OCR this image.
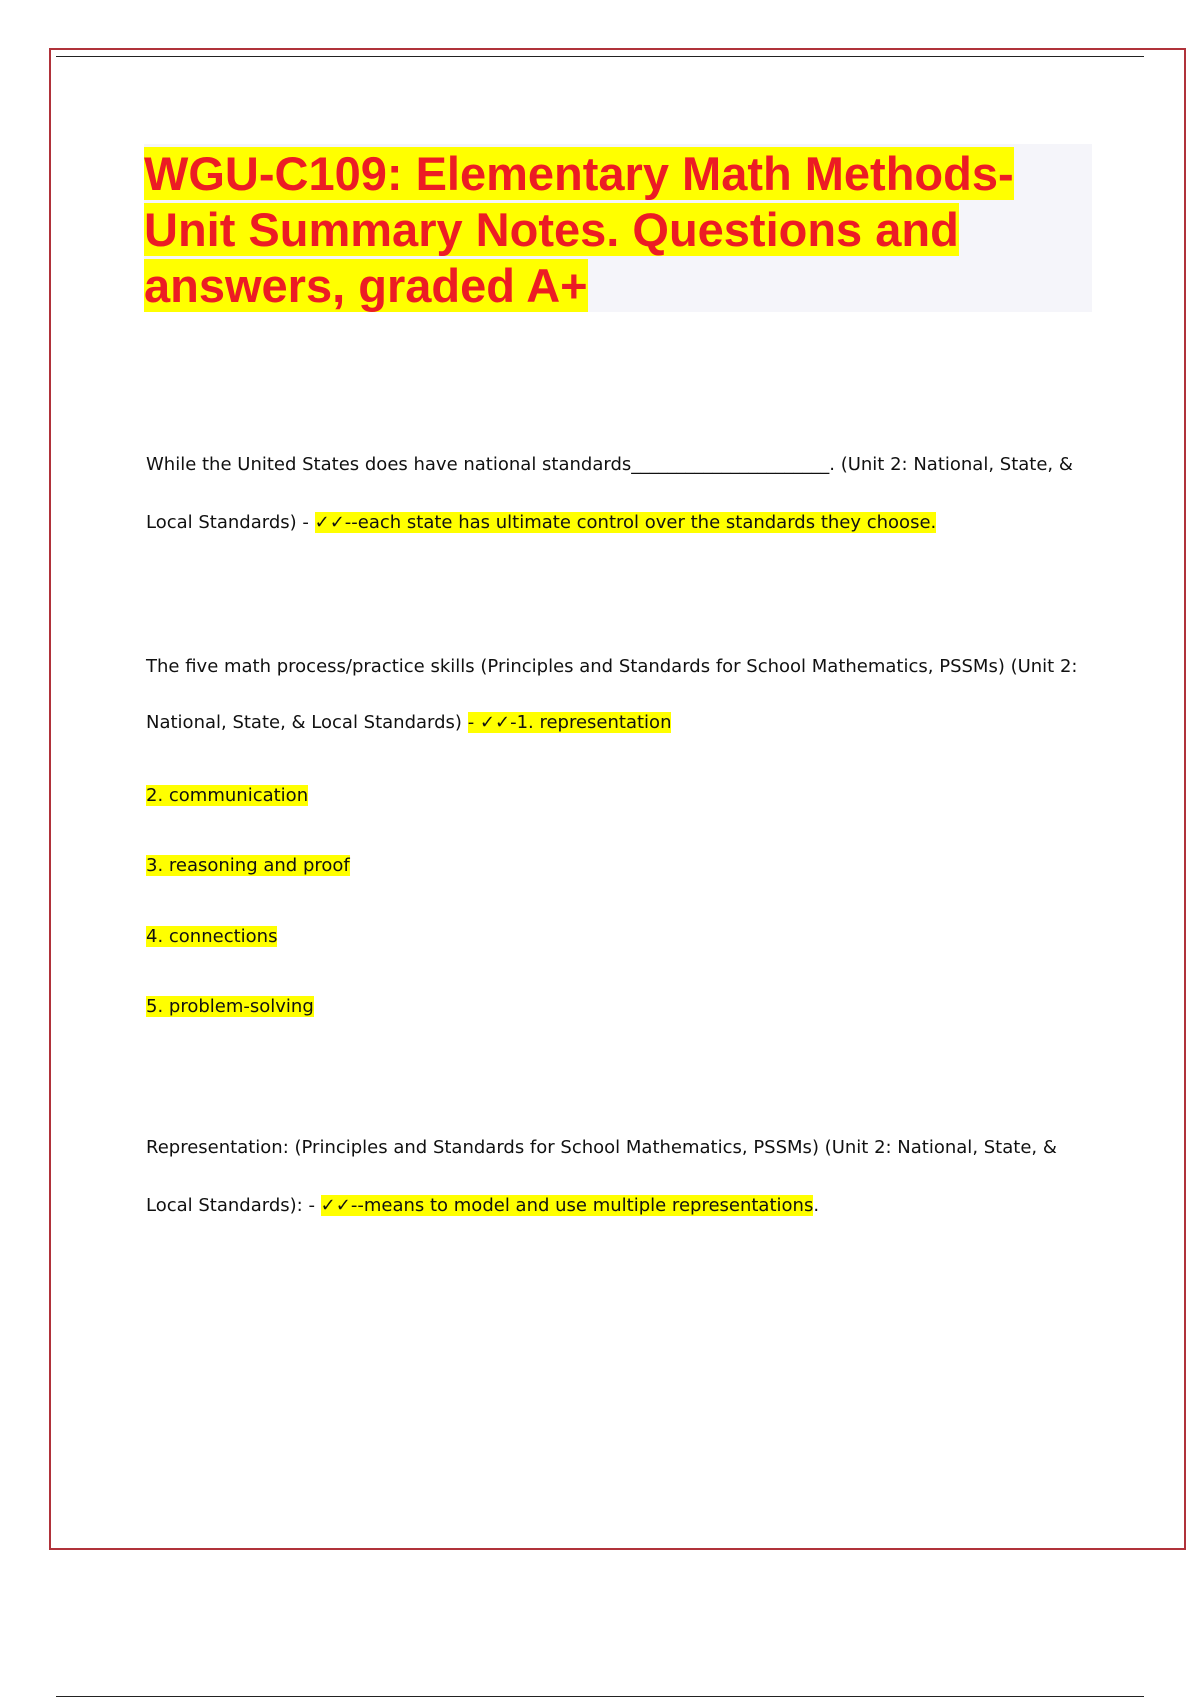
WGU-C109: Elementary Math Methods-
Unit Summary Notes. Questions and
answers, graded A+

While the United States does have national standards______________________. (Unit 2: National, State, &

Local Standards) - ✓✓--each state has ultimate control over the standards they choose.

The five math process/practice skills (Principles and Standards for School Mathematics, PSSMs) (Unit 2:

National, State, & Local Standards) - ✓✓-1. representation

2. communication

3. reasoning and proof

4. connections

5. problem-solving

Representation: (Principles and Standards for School Mathematics, PSSMs) (Unit 2: National, State, &

Local Standards): - ✓✓--means to model and use multiple representations.
